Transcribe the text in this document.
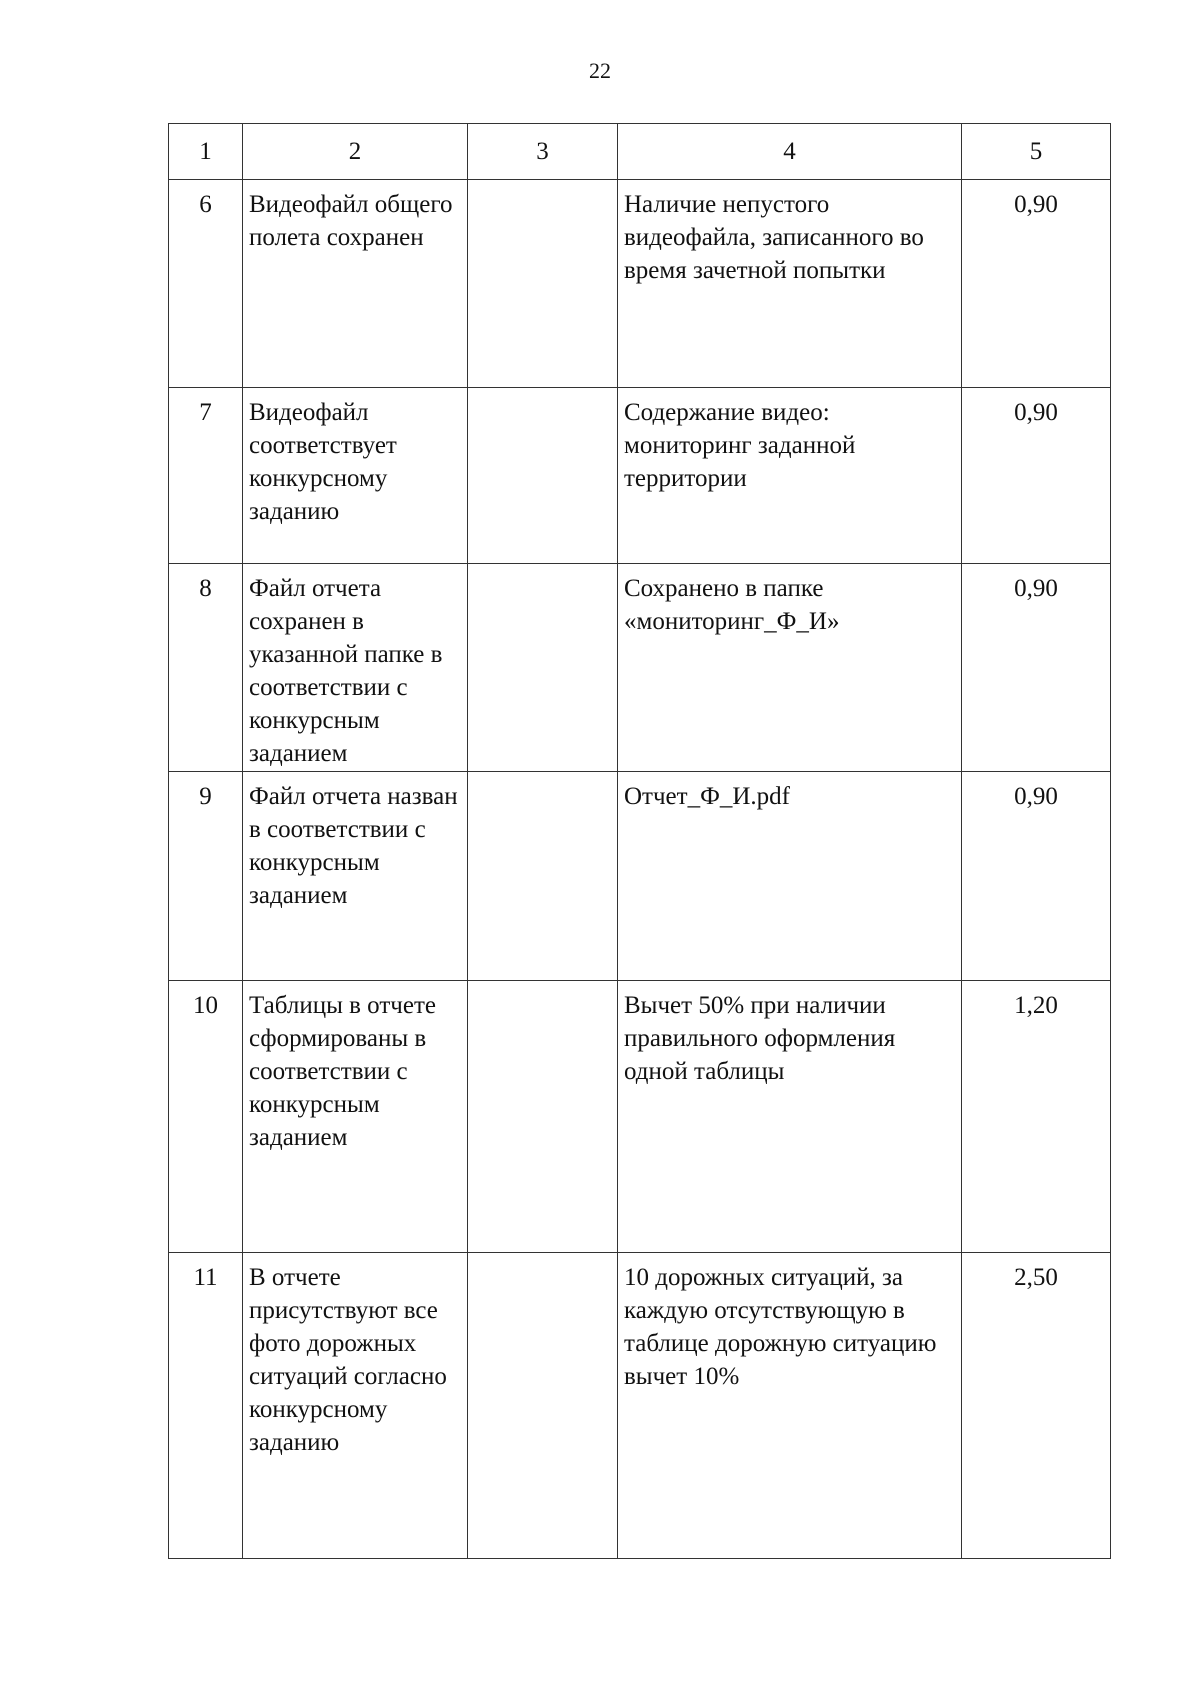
22
1	2	3	4	5
6	Видеофайл общего полета сохранен		Наличие непустого видеофайла, записанного во время зачетной попытки	0,90
7	Видеофайл соответствует конкурсному заданию		Содержание видео: мониторинг заданной территории	0,90
8	Файл отчета сохранен в указанной папке в соответствии с конкурсным заданием		Сохранено в папке «мониторинг_Ф_И»	0,90
9	Файл отчета назван в соответствии с конкурсным заданием		Отчет_Ф_И.pdf	0,90
10	Таблицы в отчете сформированы в соответствии с конкурсным заданием		Вычет 50% при наличии правильного оформления одной таблицы	1,20
11	В отчете присутствуют все фото дорожных ситуаций согласно конкурсному заданию		10 дорожных ситуаций, за каждую отсутствующую в таблице дорожную ситуацию вычет 10%	2,50
